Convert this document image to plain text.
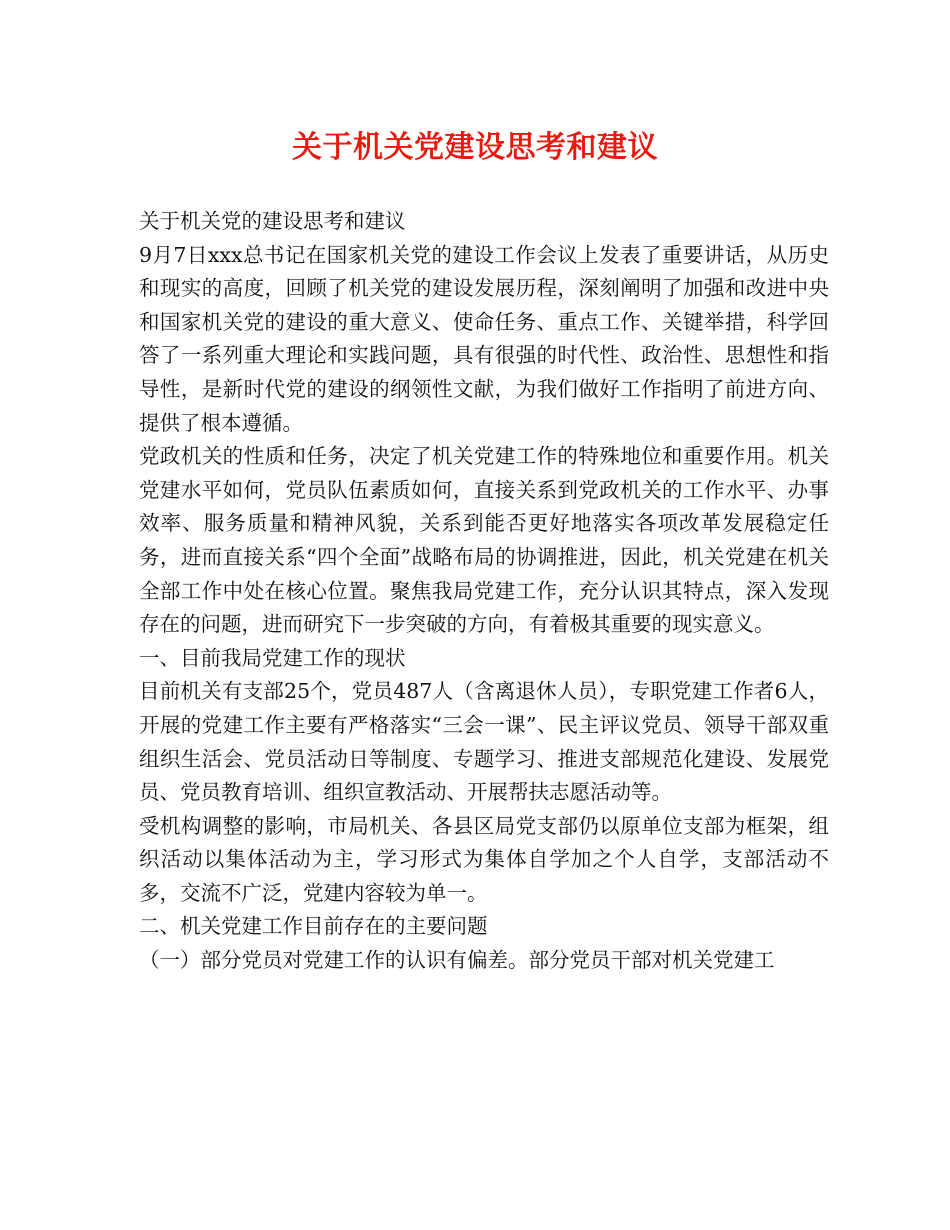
关于机关党建设思考和建议

关于机关党的建设思考和建议

9月7日xxx总书记在国家机关党的建设工作会议上发表了重要讲话，从历史和现实的高度，回顾了机关党的建设发展历程，深刻阐明了加强和改进中央和国家机关党的建设的重大意义、使命任务、重点工作、关键举措，科学回答了一系列重大理论和实践问题，具有很强的时代性、政治性、思想性和指导性，是新时代党的建设的纲领性文献，为我们做好工作指明了前进方向、提供了根本遵循。

党政机关的性质和任务，决定了机关党建工作的特殊地位和重要作用。机关党建水平如何，党员队伍素质如何，直接关系到党政机关的工作水平、办事效率、服务质量和精神风貌，关系到能否更好地落实各项改革发展稳定任务，进而直接关系“四个全面”战略布局的协调推进，因此，机关党建在机关全部工作中处在核心位置。聚焦我局党建工作，充分认识其特点，深入发现存在的问题，进而研究下一步突破的方向，有着极其重要的现实意义。

一、目前我局党建工作的现状

目前机关有支部25个，党员487人（含离退休人员），专职党建工作者6人，开展的党建工作主要有严格落实“三会一课”、民主评议党员、领导干部双重组织生活会、党员活动日等制度、专题学习、推进支部规范化建设、发展党员、党员教育培训、组织宣教活动、开展帮扶志愿活动等。

受机构调整的影响，市局机关、各县区局党支部仍以原单位支部为框架，组织活动以集体活动为主，学习形式为集体自学加之个人自学，支部活动不多，交流不广泛，党建内容较为单一。

二、机关党建工作目前存在的主要问题

（一）部分党员对党建工作的认识有偏差。部分党员干部对机关党建工
